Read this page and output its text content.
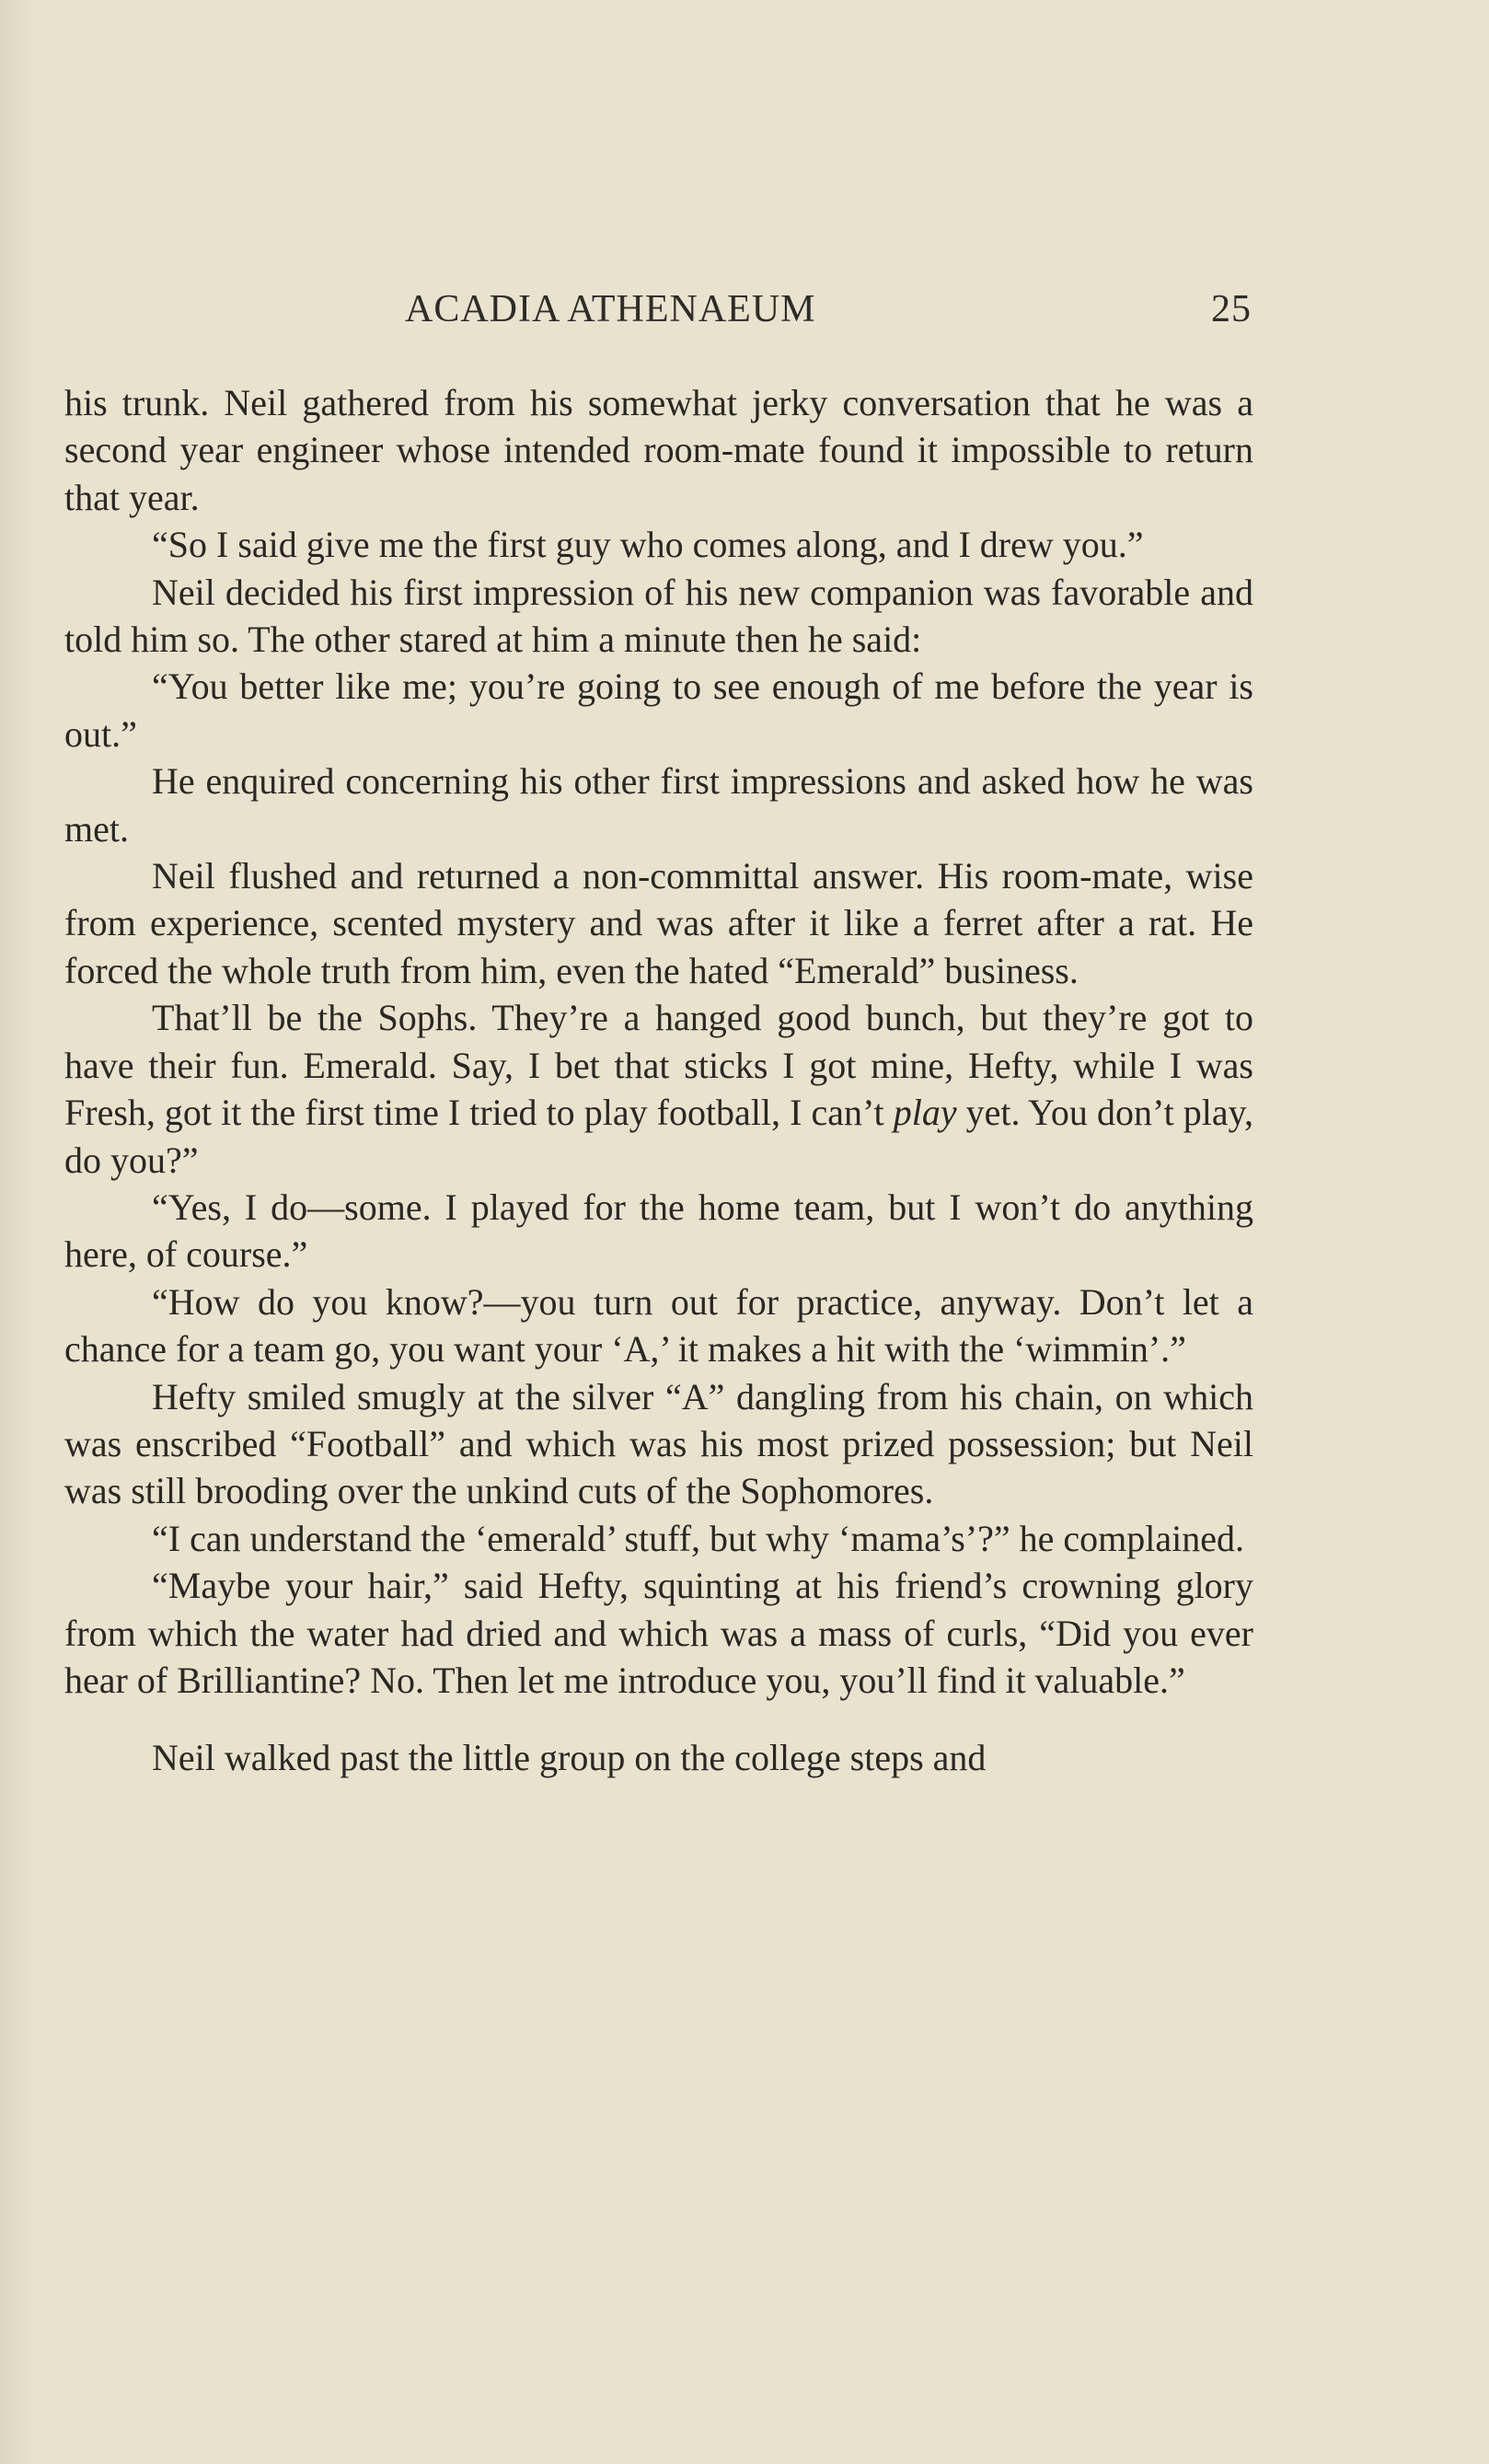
ACADIA ATHENAEUM	25

his trunk. Neil gathered from his somewhat jerky conversation that he was a second year engineer whose intended room-mate found it impossible to return that year.

“So I said give me the first guy who comes along, and I drew you.”

Neil decided his first impression of his new companion was favorable and told him so. The other stared at him a minute then he said:

“You better like me; you’re going to see enough of me before the year is out.”

He enquired concerning his other first impressions and asked how he was met.

Neil flushed and returned a non-committal answer. His room-mate, wise from experience, scented mystery and was after it like a ferret after a rat. He forced the whole truth from him, even the hated “Emerald” business.

That’ll be the Sophs. They’re a hanged good bunch, but they’re got to have their fun. Emerald. Say, I bet that sticks I got mine, Hefty, while I was Fresh, got it the first time I tried to play football, I can’t play yet. You don’t play, do you?”

“Yes, I do—some. I played for the home team, but I won’t do anything here, of course.”

“How do you know?—you turn out for practice, anyway. Don’t let a chance for a team go, you want your ‘A,’ it makes a hit with the ‘wimmin’.”

Hefty smiled smugly at the silver “A” dangling from his chain, on which was enscribed “Football” and which was his most prized possession; but Neil was still brooding over the unkind cuts of the Sophomores.

“I can understand the ‘emerald’ stuff, but why ‘mama’s’?” he complained.

“Maybe your hair,” said Hefty, squinting at his friend’s crowning glory from which the water had dried and which was a mass of curls, “Did you ever hear of Brilliantine? No. Then let me introduce you, you’ll find it valuable.”

Neil walked past the little group on the college steps and
